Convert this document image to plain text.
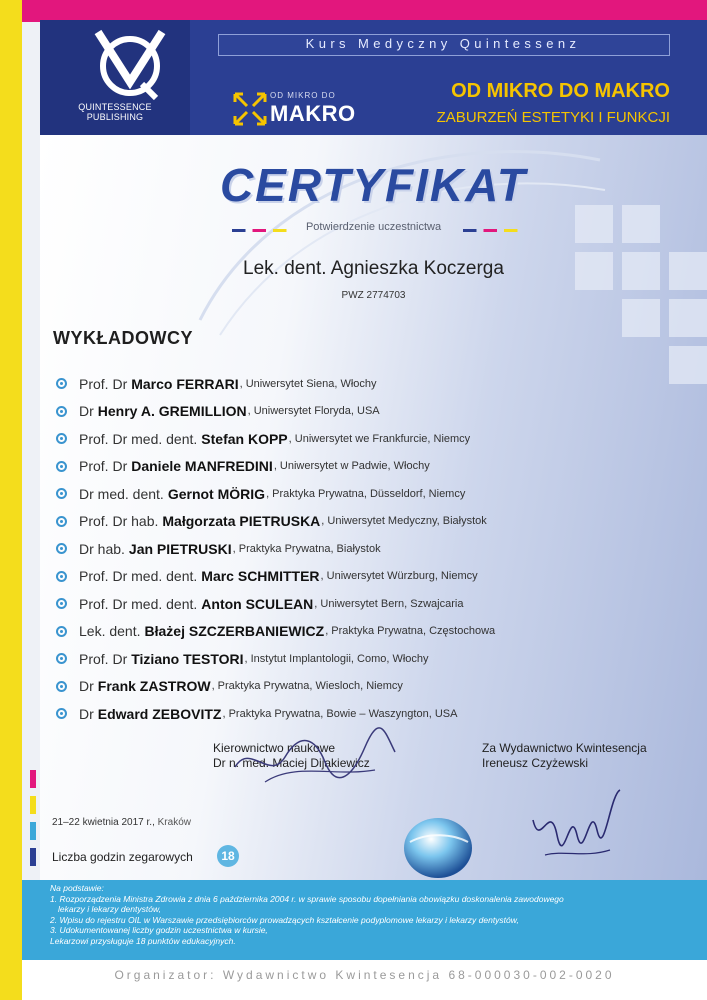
QUINTESSENCE PUBLISHING
Kurs Medyczny Quintessenz
OD MIKRO DO
MAKRO
OD MIKRO DO MAKRO
ZABURZEŃ ESTETYKI I FUNKCJI
CERTYFIKAT
Potwierdzenie uczestnictwa
Lek. dent. Agnieszka Koczerga
PWZ 2774703
WYKŁADOWCY
Prof. Dr Marco FERRARI , Uniwersytet Siena, Włochy
Dr Henry A. GREMILLION , Uniwersytet Floryda, USA
Prof. Dr med. dent. Stefan KOPP , Uniwersytet we Frankfurcie, Niemcy
Prof. Dr Daniele MANFREDINI , Uniwersytet w Padwie, Włochy
Dr med. dent. Gernot MÖRIG , Praktyka Prywatna, Düsseldorf, Niemcy
Prof. Dr hab. Małgorzata PIETRUSKA , Uniwersytet Medyczny, Białystok
Dr hab. Jan PIETRUSKI , Praktyka Prywatna, Białystok
Prof. Dr med. dent. Marc SCHMITTER , Uniwersytet Würzburg, Niemcy
Prof. Dr med. dent. Anton SCULEAN , Uniwersytet Bern, Szwajcaria
Lek. dent. Błażej SZCZERBANIEWICZ , Praktyka Prywatna, Częstochowa
Prof. Dr Tiziano TESTORI , Instytut Implantologii, Como, Włochy
Dr Frank ZASTROW , Praktyka Prywatna, Wiesloch, Niemcy
Dr Edward ZEBOVITZ , Praktyka Prywatna, Bowie – Waszyngton, USA
Kierownictwo naukowe
Dr n. med. Maciej Dijakiewicz
Za Wydawnictwo Kwintesencja
Ireneusz Czyżewski
21–22 kwietnia 2017 r., Kraków
Liczba godzin zegarowych	18
Na podstawie:
1. Rozporządzenia Ministra Zdrowia z dnia 6 października 2004 r. w sprawie sposobu dopełniania obowiązku doskonalenia zawodowego
lekarzy i lekarzy dentystów,
2. Wpisu do rejestru OIL w Warszawie przedsiębiorców prowadzących kształcenie podyplomowe lekarzy i lekarzy dentystów,
3. Udokumentowanej liczby godzin uczestnictwa w kursie,
Lekarzowi przysługuje 18 punktów edukacyjnych.
Organizator: Wydawnictwo Kwintesencja 68-000030-002-0020
